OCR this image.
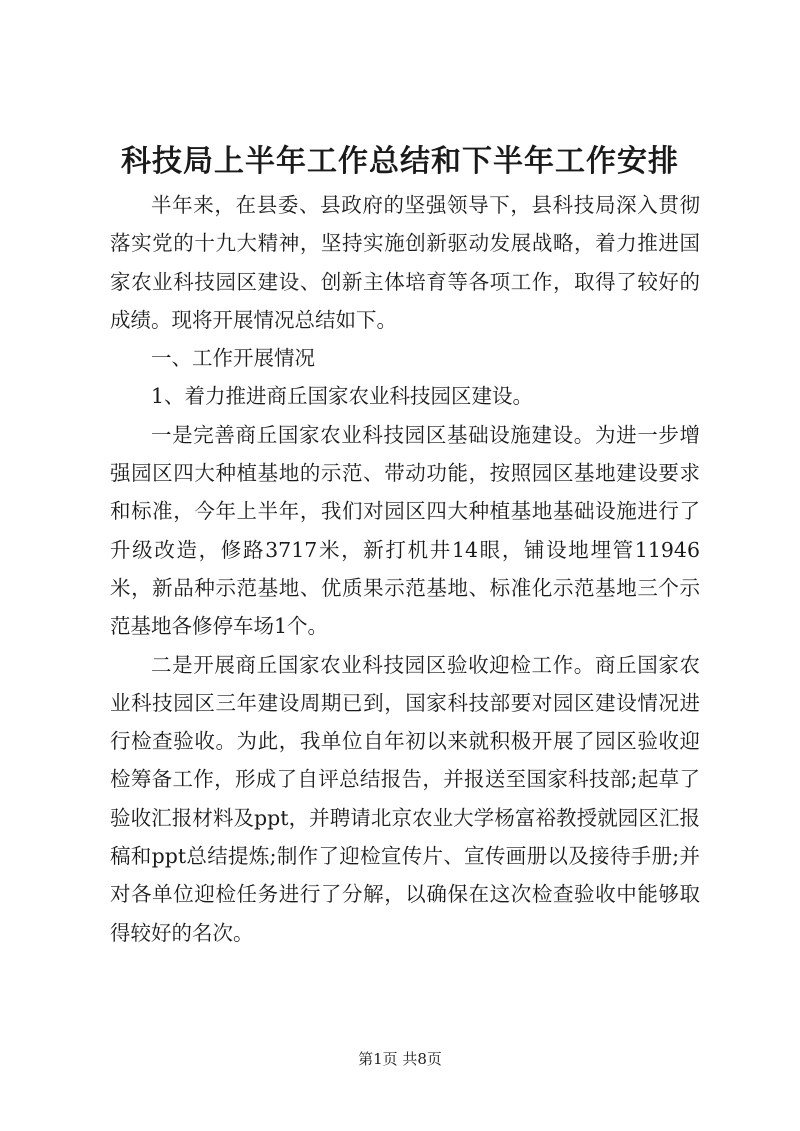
科技局上半年工作总结和下半年工作安排

半年来，在县委、县政府的坚强领导下，县科技局深入贯彻落实党的十九大精神，坚持实施创新驱动发展战略，着力推进国家农业科技园区建设、创新主体培育等各项工作，取得了较好的成绩。现将开展情况总结如下。

一、工作开展情况

1、着力推进商丘国家农业科技园区建设。

一是完善商丘国家农业科技园区基础设施建设。为进一步增强园区四大种植基地的示范、带动功能，按照园区基地建设要求和标准，今年上半年，我们对园区四大种植基地基础设施进行了升级改造，修路3717米，新打机井14眼，铺设地埋管11946米，新品种示范基地、优质果示范基地、标准化示范基地三个示范基地各修停车场1个。

二是开展商丘国家农业科技园区验收迎检工作。商丘国家农业科技园区三年建设周期已到，国家科技部要对园区建设情况进行检查验收。为此，我单位自年初以来就积极开展了园区验收迎检筹备工作，形成了自评总结报告，并报送至国家科技部;起草了验收汇报材料及ppt，并聘请北京农业大学杨富裕教授就园区汇报稿和ppt总结提炼;制作了迎检宣传片、宣传画册以及接待手册;并对各单位迎检任务进行了分解，以确保在这次检查验收中能够取得较好的名次。

第1页 共8页
